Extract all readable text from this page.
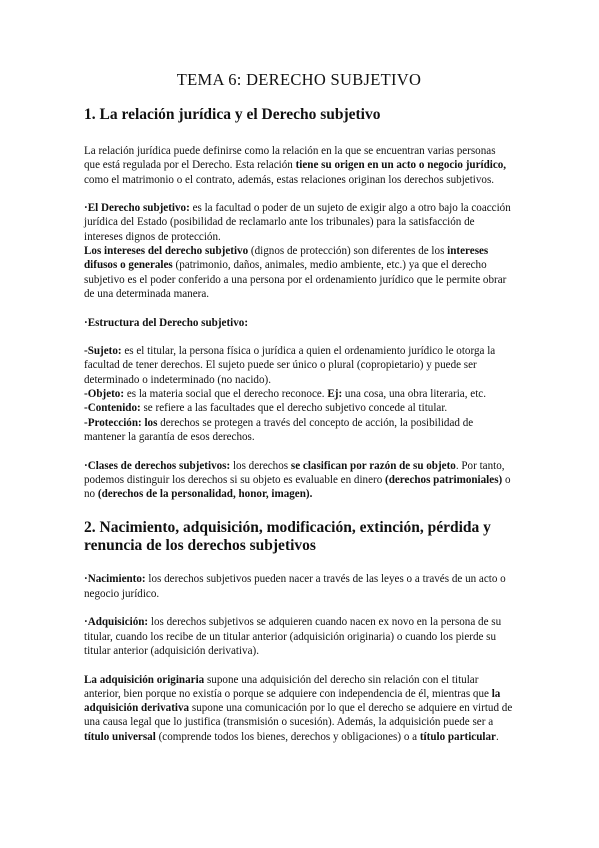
TEMA 6: DERECHO SUBJETIVO
1. La relación jurídica y el Derecho subjetivo

La relación jurídica puede definirse como la relación en la que se encuentran varias personas que está regulada por el Derecho. Esta relación tiene su origen en un acto o negocio jurídico, como el matrimonio o el contrato, además, estas relaciones originan los derechos subjetivos.

·El Derecho subjetivo: es la facultad o poder de un sujeto de exigir algo a otro bajo la coacción jurídica del Estado (posibilidad de reclamarlo ante los tribunales) para la satisfacción de intereses dignos de protección.

Los intereses del derecho subjetivo (dignos de protección) son diferentes de los intereses difusos o generales (patrimonio, daños, animales, medio ambiente, etc.) ya que el derecho subjetivo es el poder conferido a una persona por el ordenamiento jurídico que le permite obrar de una determinada manera.

·Estructura del Derecho subjetivo:

-Sujeto: es el titular, la persona física o jurídica a quien el ordenamiento jurídico le otorga la facultad de tener derechos. El sujeto puede ser único o plural (copropietario) y puede ser determinado o indeterminado (no nacido).

-Objeto: es la materia social que el derecho reconoce. Ej: una cosa, una obra literaria, etc.

-Contenido: se refiere a las facultades que el derecho subjetivo concede al titular.

-Protección: los derechos se protegen a través del concepto de acción, la posibilidad de mantener la garantía de esos derechos.

·Clases de derechos subjetivos: los derechos se clasifican por razón de su objeto. Por tanto, podemos distinguir los derechos si su objeto es evaluable en dinero (derechos patrimoniales) o no (derechos de la personalidad, honor, imagen).

2. Nacimiento, adquisición, modificación, extinción, pérdida y renuncia de los derechos subjetivos

·Nacimiento: los derechos subjetivos pueden nacer a través de las leyes o a través de un acto o negocio jurídico.

·Adquisición: los derechos subjetivos se adquieren cuando nacen ex novo en la persona de su titular, cuando los recibe de un titular anterior (adquisición originaria) o cuando los pierde su titular anterior (adquisición derivativa).

La adquisición originaria supone una adquisición del derecho sin relación con el titular anterior, bien porque no existía o porque se adquiere con independencia de él, mientras que la adquisición derivativa supone una comunicación por lo que el derecho se adquiere en virtud de una causa legal que lo justifica (transmisión o sucesión). Además, la adquisición puede ser a título universal (comprende todos los bienes, derechos y obligaciones) o a título particular.
